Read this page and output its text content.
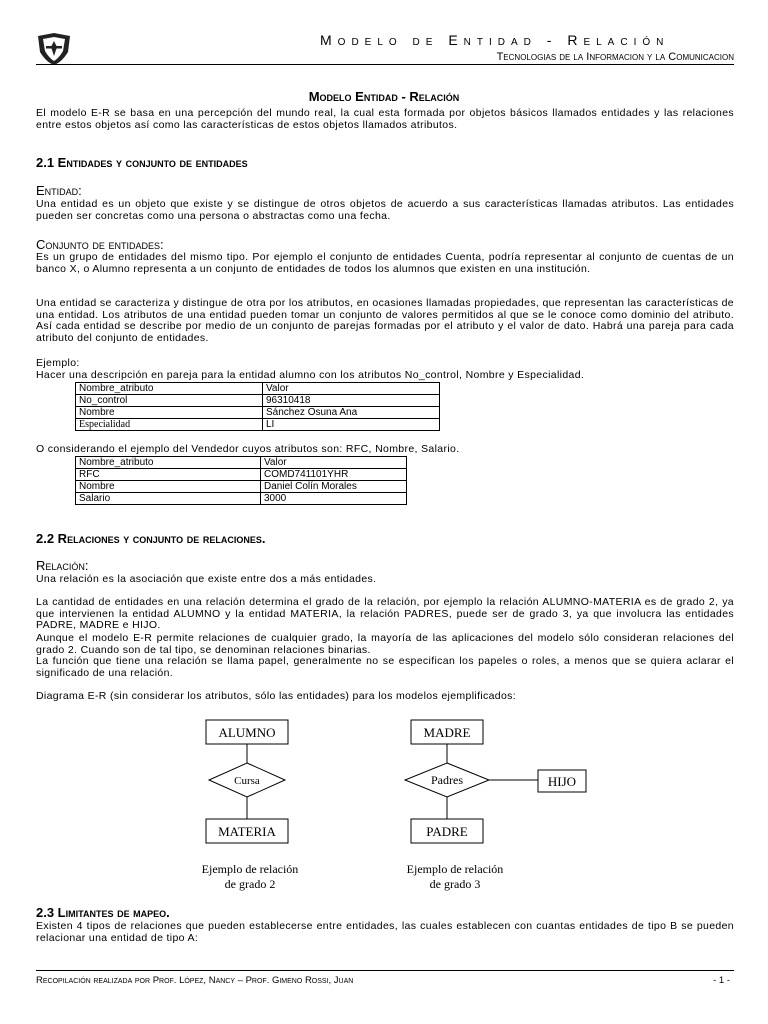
Modelo de Entidad - Relación
Tecnologias de la Informacion y la Comunicacion
Modelo Entidad - Relación
El modelo E-R se basa en una percepción del mundo real, la cual esta formada por objetos básicos llamados entidades y las relaciones entre estos objetos así como las características de estos objetos llamados atributos.
2.1 Entidades y conjunto de entidades
Entidad:
Una entidad es un objeto que existe y se distingue de otros objetos de acuerdo a sus características llamadas atributos. Las entidades pueden ser concretas como una persona o abstractas como una fecha.
Conjunto de entidades:
Es un grupo de entidades del mismo tipo. Por ejemplo el conjunto de entidades Cuenta, podría representar al conjunto de cuentas de un banco X, o Alumno representa a un conjunto de entidades de todos los alumnos que existen en una institución.
Una entidad se caracteriza y distingue de otra por los atributos, en ocasiones llamadas propiedades, que representan las características de una entidad. Los atributos de una entidad pueden tomar un conjunto de valores permitidos al que se le conoce como dominio del atributo. Así cada entidad se describe por medio de un conjunto de parejas formadas por el atributo y el valor de dato. Habrá una pareja para cada atributo del conjunto de entidades.
Ejemplo:
Hacer una descripción en pareja para la entidad alumno con los atributos No_control, Nombre y Especialidad.
Nombre_atributo	Valor
No_control	96310418
Nombre	Sánchez Osuna Ana
Especialidad	LI
O considerando el ejemplo del Vendedor cuyos atributos son: RFC, Nombre, Salario.
Nombre_atributo	Valor
RFC	COMD741101YHR
Nombre	Daniel Colín Morales
Salario	3000
2.2 Relaciones y conjunto de relaciones.
Relación:
Una relación es la asociación que existe entre dos a más entidades.
La cantidad de entidades en una relación determina el grado de la relación, por ejemplo la relación ALUMNO-MATERIA es de grado 2, ya que intervienen la entidad ALUMNO y la entidad MATERIA, la relación PADRES, puede ser de grado 3, ya que involucra las entidades PADRE, MADRE e HIJO.
Aunque el modelo E-R permite relaciones de cualquier grado, la mayoría de las aplicaciones del modelo sólo consideran relaciones del grado 2. Cuando son de tal tipo, se denominan relaciones binarias.
La función que tiene una relación se llama papel, generalmente no se especifican los papeles o roles, a menos que se quiera aclarar el significado de una relación.
Diagrama E-R (sin considerar los atributos, sólo las entidades) para los modelos ejemplificados:
ALUMNO
Cursa
MATERIA
Ejemplo de relación
de grado 2
MADRE
Padres	HIJO
PADRE
Ejemplo de relación
de grado 3
2.3 Limitantes de mapeo.
Existen 4 tipos de relaciones que pueden establecerse entre entidades, las cuales establecen con cuantas entidades de tipo B se pueden relacionar una entidad de tipo A:
Recopilación realizada por Prof. López, Nancy – Prof. Gimeno Rossi, Juan	- 1 -
